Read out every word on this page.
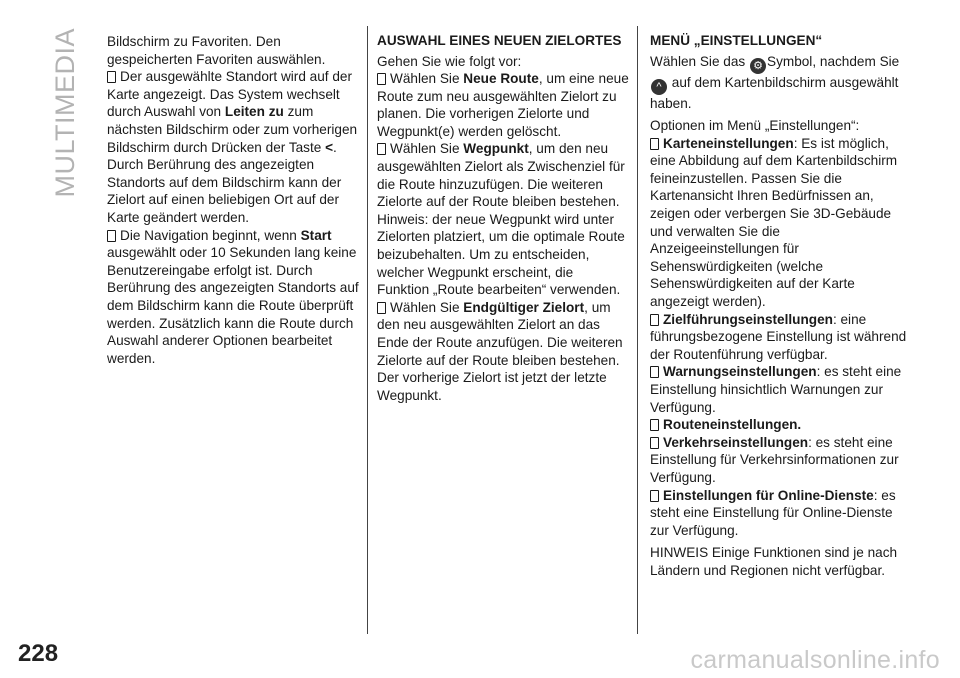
MULTIMEDIA
228	carmanualsonline.info

Bildschirm zu Favoriten. Den gespeicherten Favoriten auswählen.

Der ausgewählte Standort wird auf der Karte angezeigt. Das System wechselt durch Auswahl von Leiten zu zum nächsten Bildschirm oder zum vorherigen Bildschirm durch Drücken der Taste <. Durch Berührung des angezeigten Standorts auf dem Bildschirm kann der Zielort auf einen beliebigen Ort auf der Karte geändert werden.

Die Navigation beginnt, wenn Start ausgewählt oder 10 Sekunden lang keine Benutzereingabe erfolgt ist. Durch Berührung des angezeigten Standorts auf dem Bildschirm kann die Route überprüft werden. Zusätzlich kann die Route durch Auswahl anderer Optionen bearbeitet werden.

AUSWAHL EINES NEUEN ZIELORTES

Gehen Sie wie folgt vor:

Wählen Sie Neue Route, um eine neue Route zum neu ausgewählten Zielort zu planen. Die vorherigen Zielorte und Wegpunkt(e) werden gelöscht.

Wählen Sie Wegpunkt, um den neu ausgewählten Zielort als Zwischenziel für die Route hinzuzufügen. Die weiteren Zielorte auf der Route bleiben bestehen. Hinweis: der neue Wegpunkt wird unter Zielorten platziert, um die optimale Route beizubehalten. Um zu entscheiden, welcher Wegpunkt erscheint, die Funktion „Route bearbeiten“ verwenden.

Wählen Sie Endgültiger Zielort, um den neu ausgewählten Zielort an das Ende der Route anzufügen. Die weiteren Zielorte auf der Route bleiben bestehen. Der vorherige Zielort ist jetzt der letzte Wegpunkt.

MENÜ „EINSTELLUNGEN“

Wählen Sie das ⚙ Symbol, nachdem Sie ^ auf dem Kartenbildschirm ausgewählt haben.

Optionen im Menü „Einstellungen“:

Karteneinstellungen: Es ist möglich, eine Abbildung auf dem Kartenbildschirm feineinzustellen. Passen Sie die Kartenansicht Ihren Bedürfnissen an, zeigen oder verbergen Sie 3D-Gebäude und verwalten Sie die Anzeigeeinstellungen für Sehenswürdigkeiten (welche Sehenswürdigkeiten auf der Karte angezeigt werden).

Zielführungseinstellungen: eine führungsbezogene Einstellung ist während der Routenführung verfügbar.

Warnungseinstellungen: es steht eine Einstellung hinsichtlich Warnungen zur Verfügung.

Routeneinstellungen.

Verkehrseinstellungen: es steht eine Einstellung für Verkehrsinformationen zur Verfügung.

Einstellungen für Online-Dienste: es steht eine Einstellung für Online-Dienste zur Verfügung.

HINWEIS Einige Funktionen sind je nach Ländern und Regionen nicht verfügbar.
